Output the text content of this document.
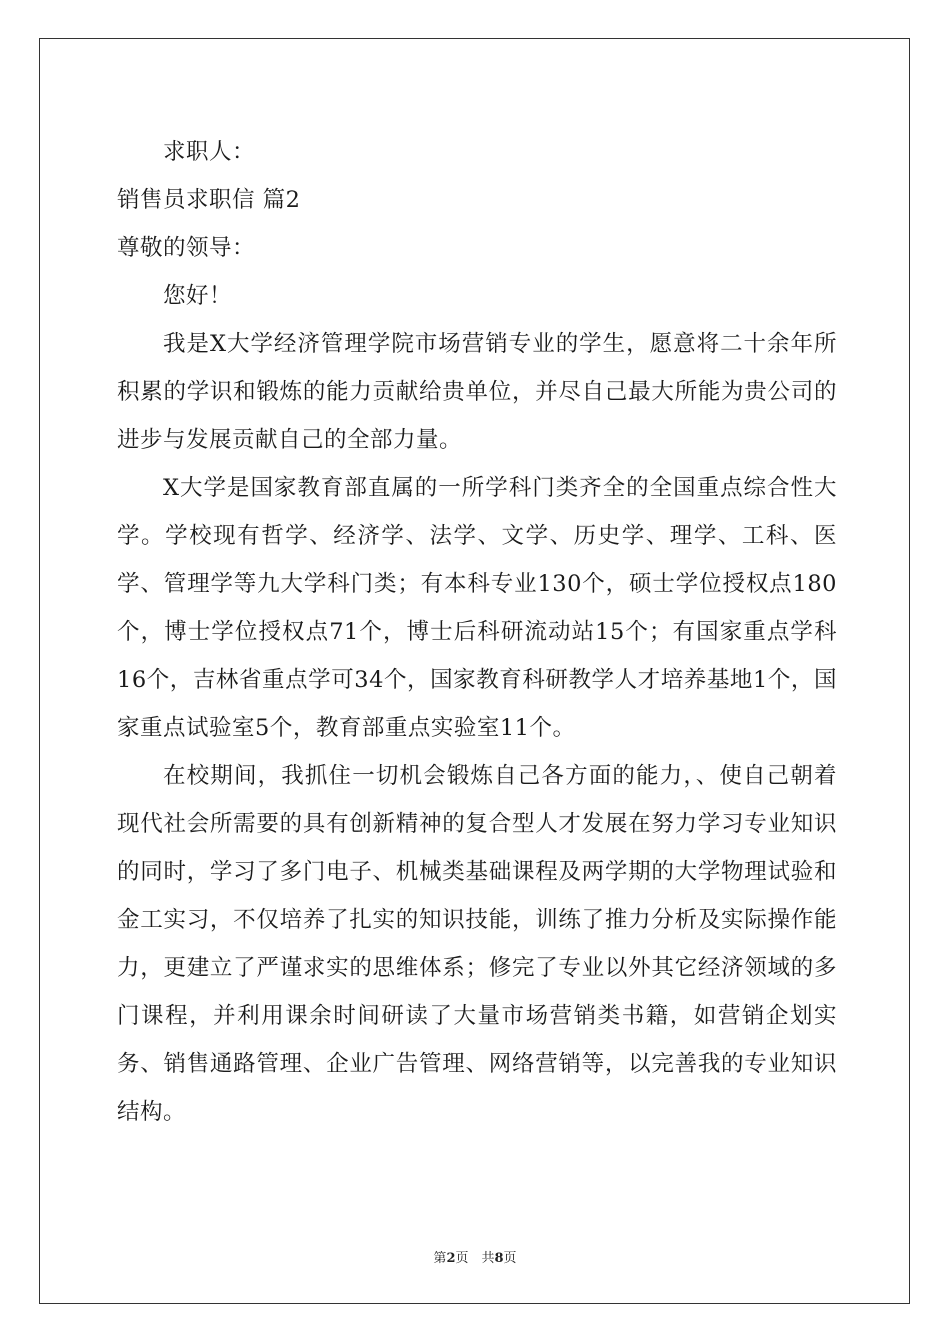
求职人：

销售员求职信 篇2

尊敬的领导：

您好！

我是X大学经济管理学院市场营销专业的学生，愿意将二十余年所积累的学识和锻炼的能力贡献给贵单位，并尽自己最大所能为贵公司的进步与发展贡献自己的全部力量。

X大学是国家教育部直属的一所学科门类齐全的全国重点综合性大学。学校现有哲学、经济学、法学、文学、历史学、理学、工科、医学、管理学等九大学科门类；有本科专业130个，硕士学位授权点180个，博士学位授权点71个，博士后科研流动站15个；有国家重点学科16个，吉林省重点学可34个，国家教育科研教学人才培养基地1个，国家重点试验室5个，教育部重点实验室11个。

在校期间，我抓住一切机会锻炼自己各方面的能力，、使自己朝着现代社会所需要的具有创新精神的复合型人才发展在努力学习专业知识的同时，学习了多门电子、机械类基础课程及两学期的大学物理试验和金工实习，不仅培养了扎实的知识技能，训练了推力分析及实际操作能力，更建立了严谨求实的思维体系；修完了专业以外其它经济领域的多门课程，并利用课余时间研读了大量市场营销类书籍，如营销企划实务、销售通路管理、企业广告管理、网络营销等，以完善我的专业知识结构。

第2页　共8页
